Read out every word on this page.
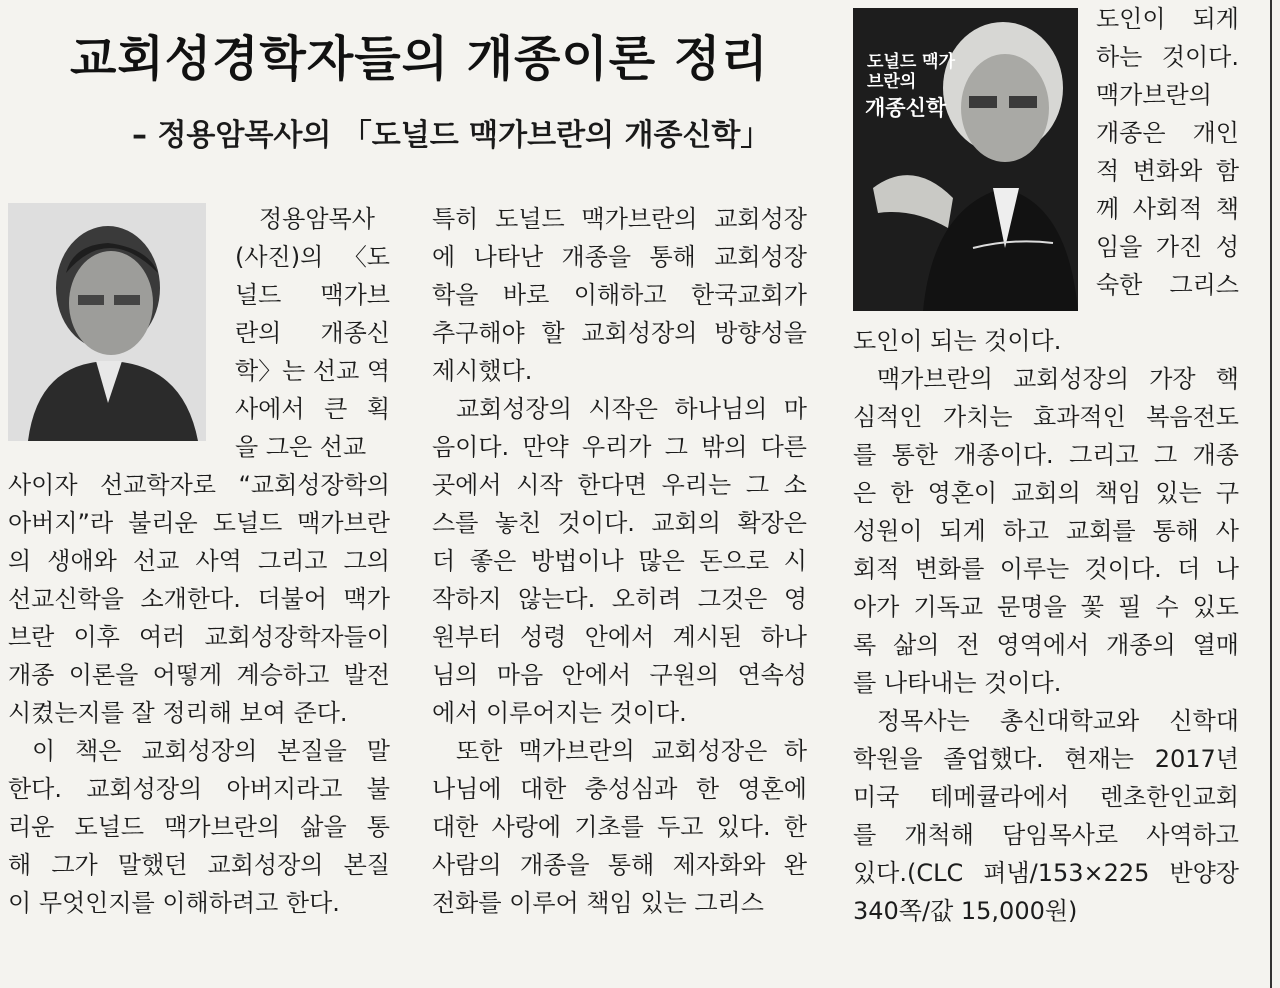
교회성경학자들의 개종이론 정리
– 정용암목사의 「도널드 맥가브란의 개종신학」
도널드 맥가브란의
개종신학
정용암목사
(사진)의 〈도
널드 맥가브
란의 개종신
학〉는 선교 역
사에서 큰 획
을 그은 선교
사이자 선교학자로 “교회성장학의
아버지”라 불리운 도널드 맥가브란
의 생애와 선교 사역 그리고 그의
선교신학을 소개한다. 더불어 맥가
브란 이후 여러 교회성장학자들이
개종 이론을 어떻게 계승하고 발전
시켰는지를 잘 정리해 보여 준다.
이 책은 교회성장의 본질을 말
한다. 교회성장의 아버지라고 불
리운 도널드 맥가브란의 삶을 통
해 그가 말했던 교회성장의 본질
이 무엇인지를 이해하려고 한다.
특히 도널드 맥가브란의 교회성장
에 나타난 개종을 통해 교회성장
학을 바로 이해하고 한국교회가
추구해야 할 교회성장의 방향성을
제시했다.
교회성장의 시작은 하나님의 마
음이다. 만약 우리가 그 밖의 다른
곳에서 시작 한다면 우리는 그 소
스를 놓친 것이다. 교회의 확장은
더 좋은 방법이나 많은 돈으로 시
작하지 않는다. 오히려 그것은 영
원부터 성령 안에서 계시된 하나
님의 마음 안에서 구원의 연속성
에서 이루어지는 것이다.
또한 맥가브란의 교회성장은 하
나님에 대한 충성심과 한 영혼에
대한 사랑에 기초를 두고 있다. 한
사람의 개종을 통해 제자화와 완
전화를 이루어 책임 있는 그리스
도인이 되게
하는 것이다.
맥가브란의
개종은 개인
적 변화와 함
께 사회적 책
임을 가진 성
숙한 그리스
도인이 되는 것이다.
맥가브란의 교회성장의 가장 핵
심적인 가치는 효과적인 복음전도
를 통한 개종이다. 그리고 그 개종
은 한 영혼이 교회의 책임 있는 구
성원이 되게 하고 교회를 통해 사
회적 변화를 이루는 것이다. 더 나
아가 기독교 문명을 꽃 필 수 있도
록 삶의 전 영역에서 개종의 열매
를 나타내는 것이다.
정목사는 총신대학교와 신학대
학원을 졸업했다. 현재는 2017년
미국 테메큘라에서 렌초한인교회
를 개척해 담임목사로 사역하고
있다.(CLC 펴냄/153×225 반양장
340쪽/값 15,000원)
